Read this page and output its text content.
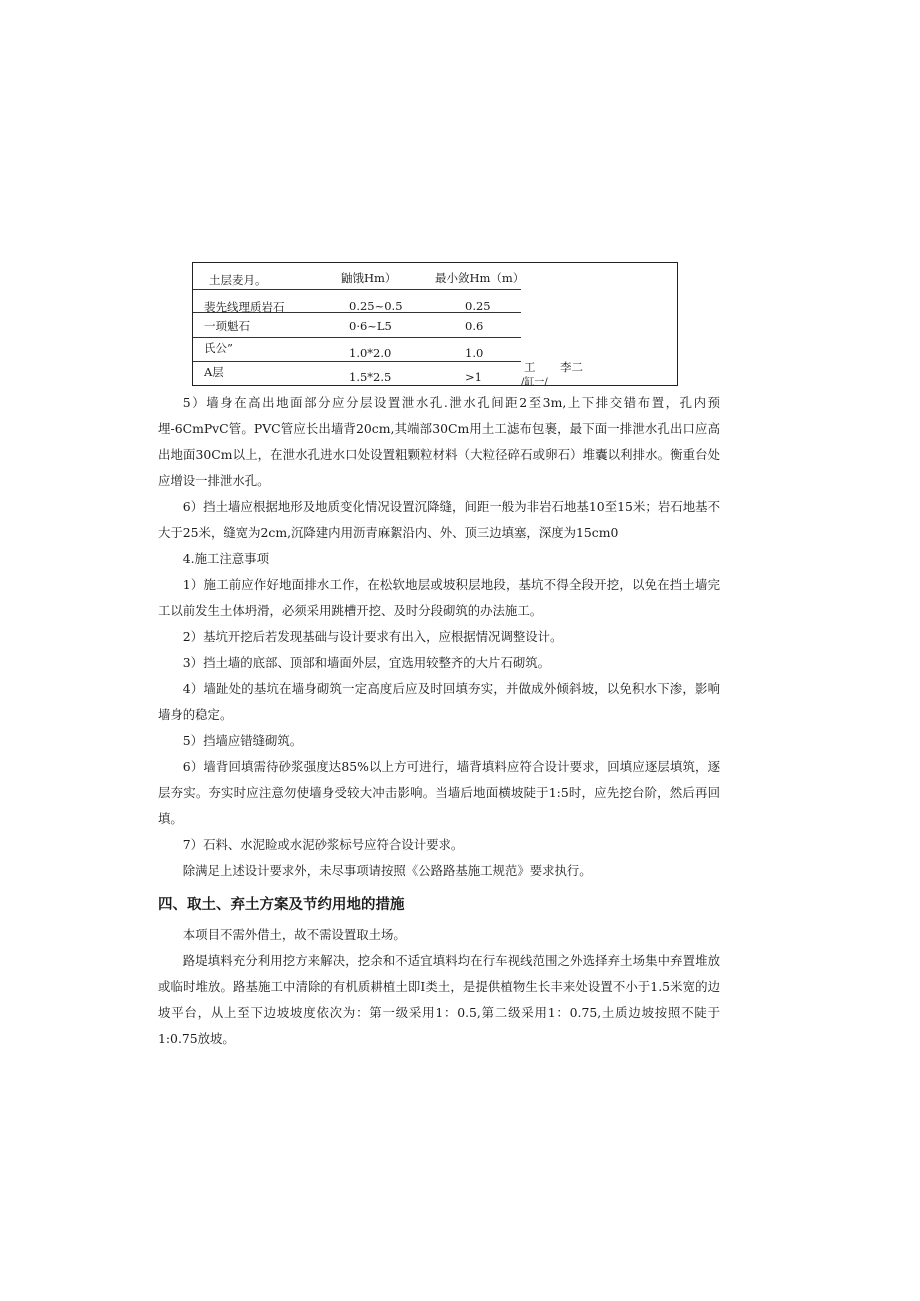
土层麦月。	鼬饿Hm）	最小敛Hm（m）
裴先线理质岩石	0.25~0.5	0.25
一顼魁石	0·6~L5	0.6
氏公”	1.0*2.0	1.0
A层	1.5*2.5	>1
工 李二
/缸一/

5）墙身在高出地面部分应分层设置泄水孔.泄水孔间距2至3m,上下排交错布置，孔内预埋-6CmPvC管。PVC管应长出墙背20cm,其端部30Cm用土工滤布包裹，最下面一排泄水孔出口应高出地面30Cm以上，在泄水孔进水口处设置粗颗粒材料（大粒径碎石或卵石）堆囊以利排水。衡重台处应增设一排泄水孔。

6）挡土墙应根据地形及地质变化情况设置沉降缝，间距一般为非岩石地基10至15米；岩石地基不大于25米，缝宽为2cm,沉降建内用沥青麻絮沿内、外、顶三边填塞，深度为15cm0

4.施工注意事项

1）施工前应作好地面排水工作，在松软地层或坡积层地段，基坑不得全段开挖，以免在挡土墙完工以前发生土体坍滑，必须采用跳槽开挖、及时分段砌筑的办法施工。

2）基坑开挖后若发现基础与设计要求有出入，应根据情况调整设计。

3）挡土墙的底部、顶部和墙面外层，宜选用较整齐的大片石砌筑。

4）墙趾处的基坑在墙身砌筑一定高度后应及时回填夯实，并做成外倾斜坡，以免积水下渗，影响墙身的稳定。

5）挡墙应错缝砌筑。

6）墙背回填需待砂浆强度达85%以上方可进行，墙背填料应符合设计要求，回填应逐层填筑，逐层夯实。夯实时应注意勿使墙身受较大冲击影响。当墙后地面横坡陡于1:5时，应先挖台阶，然后再回填。

7）石料、水泥睑或水泥砂浆标号应符合设计要求。

除满足上述设计要求外，未尽事项请按照《公路路基施工规范》要求执行。

四、取土、弃土方案及节约用地的措施

本项目不需外借土，故不需设置取土场。

路堤填料充分利用挖方来解决，挖余和不适宜填料均在行车视线范围之外选择弃土场集中弃置堆放或临时堆放。路基施工中清除的有机质耕植土即I类土，是提供植物生长丰来处设置不小于1.5米宽的边坡平台，从上至下边坡坡度依次为：第一级采用1：0.5,第二级采用1：0.75,土质边坡按照不陡于1:0.75放坡。
